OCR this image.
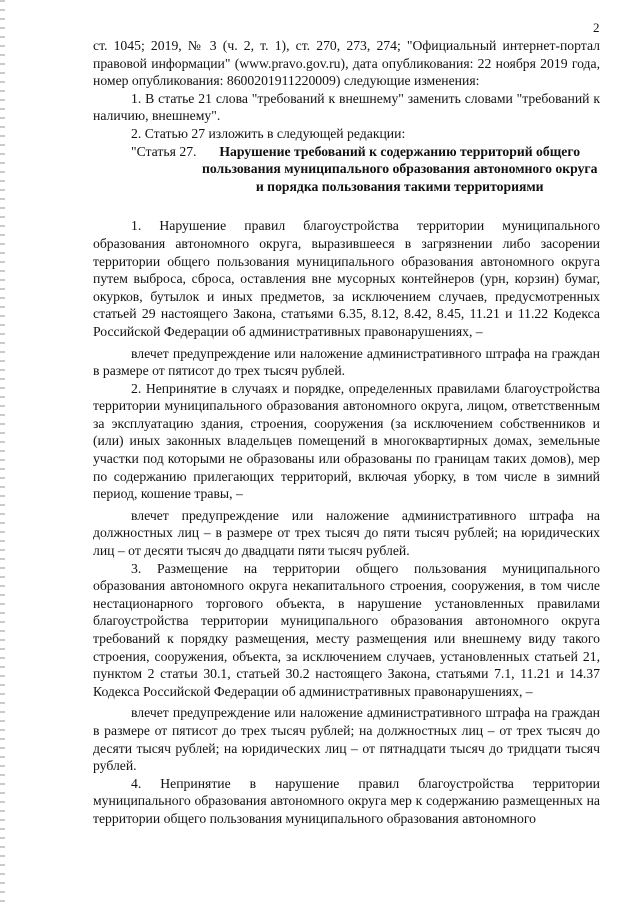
2

ст. 1045; 2019, № 3 (ч. 2, т. 1), ст. 270, 273, 274; "Официальный интернет-портал правовой информации" (www.pravo.gov.ru), дата опубликования: 22 ноября 2019 года, номер опубликования: 8600201911220009) следующие изменения:

1. В статье 21 слова "требований к внешнему" заменить словами "требований к наличию, внешнему".

2. Статью 27 изложить в следующей редакции:

"Статья 27.	Нарушение требований к содержанию территорий общего пользования муниципального образования автономного округа и порядка пользования такими территориями

1. Нарушение правил благоустройства территории муниципального образования автономного округа, выразившееся в загрязнении либо засорении территории общего пользования муниципального образования автономного округа путем выброса, сброса, оставления вне мусорных контейнеров (урн, корзин) бумаг, окурков, бутылок и иных предметов, за исключением случаев, предусмотренных статьей 29 настоящего Закона, статьями 6.35, 8.12, 8.42, 8.45, 11.21 и 11.22 Кодекса Российской Федерации об административных правонарушениях, –

влечет предупреждение или наложение административного штрафа на граждан в размере от пятисот до трех тысяч рублей.

2. Непринятие в случаях и порядке, определенных правилами благоустройства территории муниципального образования автономного округа, лицом, ответственным за эксплуатацию здания, строения, сооружения (за исключением собственников и (или) иных законных владельцев помещений в многоквартирных домах, земельные участки под которыми не образованы или образованы по границам таких домов), мер по содержанию прилегающих территорий, включая уборку, в том числе в зимний период, кошение травы, –

влечет предупреждение или наложение административного штрафа на должностных лиц – в размере от трех тысяч до пяти тысяч рублей; на юридических лиц – от десяти тысяч до двадцати пяти тысяч рублей.

3. Размещение на территории общего пользования муниципального образования автономного округа некапитального строения, сооружения, в том числе нестационарного торгового объекта, в нарушение установленных правилами благоустройства территории муниципального образования автономного округа требований к порядку размещения, месту размещения или внешнему виду такого строения, сооружения, объекта, за исключением случаев, установленных статьей 21, пунктом 2 статьи 30.1, статьей 30.2 настоящего Закона, статьями 7.1, 11.21 и 14.37 Кодекса Российской Федерации об административных правонарушениях, –

влечет предупреждение или наложение административного штрафа на граждан в размере от пятисот до трех тысяч рублей; на должностных лиц – от трех тысяч до десяти тысяч рублей; на юридических лиц – от пятнадцати тысяч до тридцати тысяч рублей.

4. Непринятие в нарушение правил благоустройства территории муниципального образования автономного округа мер к содержанию размещенных на территории общего пользования муниципального образования автономного
